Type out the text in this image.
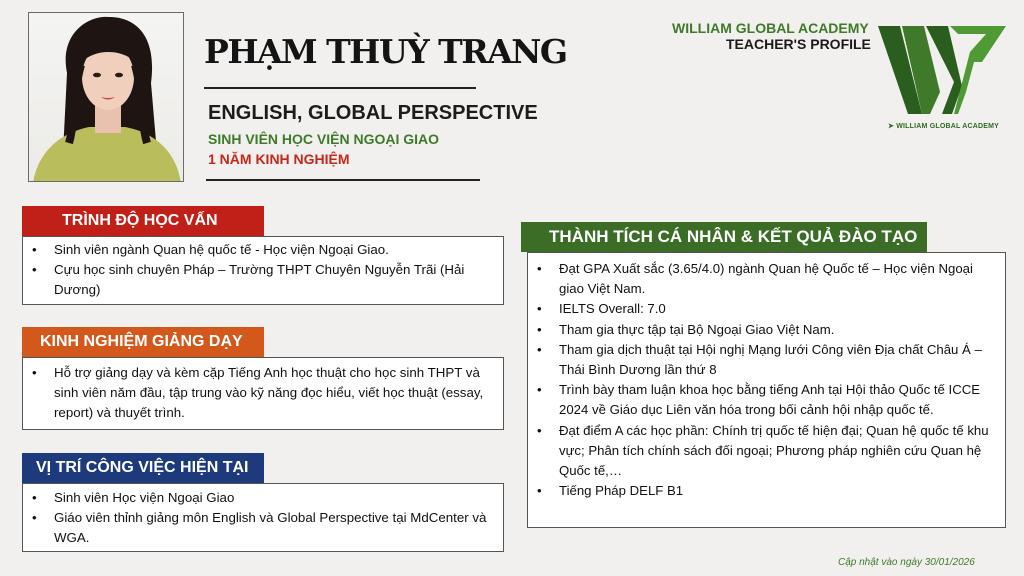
PHẠM THUỲ TRANG
ENGLISH, GLOBAL PERSPECTIVE
SINH VIÊN HỌC VIỆN NGOẠI GIAO
1 NĂM KINH NGHIỆM
WILLIAM GLOBAL ACADEMY
TEACHER'S PROFILE
➤ WILLIAM GLOBAL ACADEMY
TRÌNH ĐỘ HỌC VẤN
• Sinh viên ngành Quan hệ quốc tế - Học viện Ngoại Giao.
• Cựu học sinh chuyên Pháp – Trường THPT Chuyên Nguyễn Trãi (Hải Dương)
KINH NGHIỆM GIẢNG DẠY
• Hỗ trợ giảng dạy và kèm cặp Tiếng Anh học thuật cho học sinh THPT và sinh viên năm đầu, tập trung vào kỹ năng đọc hiểu, viết học thuật (essay, report) và thuyết trình.
VỊ TRÍ CÔNG VIỆC HIỆN TẠI
• Sinh viên Học viện Ngoại Giao
• Giáo viên thỉnh giảng môn English và Global Perspective tại MdCenter và WGA.
THÀNH TÍCH CÁ NHÂN & KẾT QUẢ ĐÀO TẠO
• Đạt GPA Xuất sắc (3.65/4.0) ngành Quan hệ Quốc tế – Học viện Ngoại giao Việt Nam.
• IELTS Overall: 7.0
• Tham gia thực tập tại Bộ Ngoại Giao Việt Nam.
• Tham gia dịch thuật tại Hội nghị Mạng lưới Công viên Địa chất Châu Á – Thái Bình Dương lần thứ 8
• Trình bày tham luận khoa học bằng tiếng Anh tại Hội thảo Quốc tế ICCE 2024 về Giáo dục Liên văn hóa trong bối cảnh hội nhập quốc tế.
• Đạt điểm A các học phần: Chính trị quốc tế hiện đại; Quan hệ quốc tế khu vực; Phân tích chính sách đối ngoại; Phương pháp nghiên cứu Quan hệ Quốc tế,…
• Tiếng Pháp DELF B1
Cập nhật vào ngày 30/01/2026
